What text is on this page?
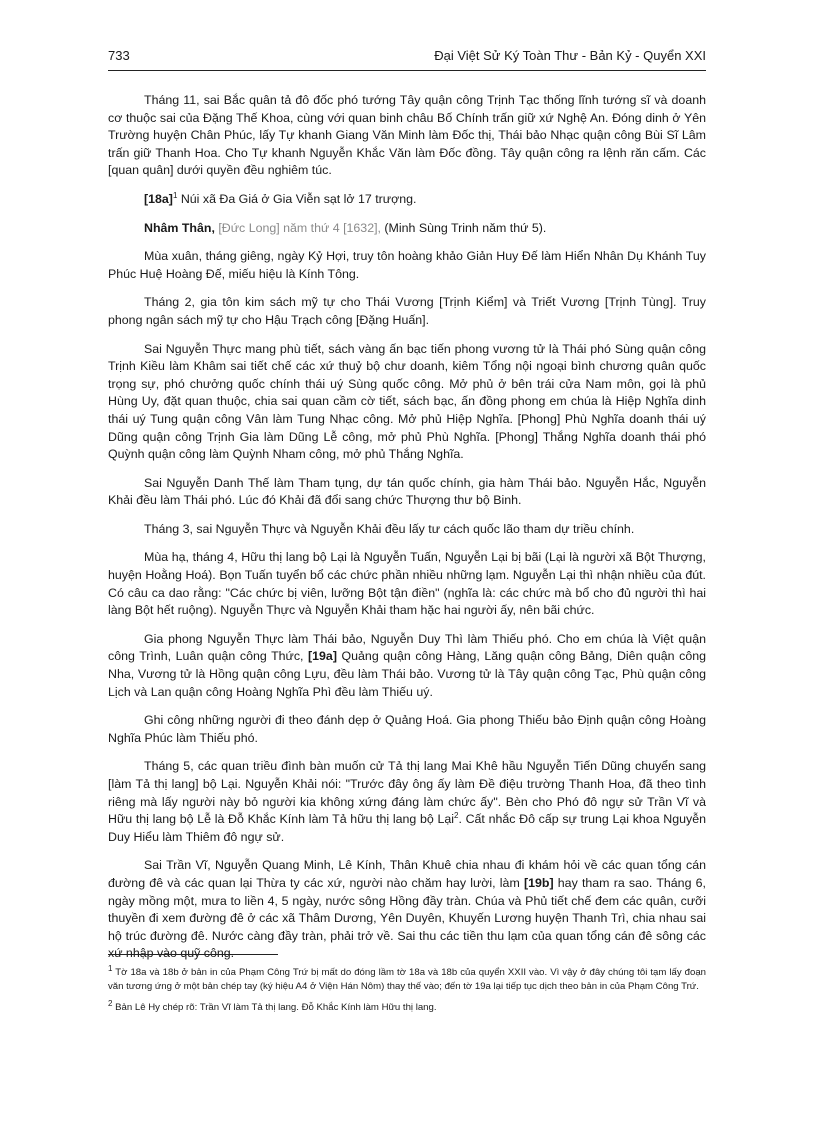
733	Đại Việt Sử Ký Toàn Thư - Bản Kỷ - Quyển XXI

Tháng 11, sai Bắc quân tả đô đốc phó tướng Tây quận công Trịnh Tạc thống lĩnh tướng sĩ và doanh cơ thuộc sai của Đặng Thế Khoa, cùng với quan binh châu Bố Chính trấn giữ xứ Nghệ An. Đóng dinh ở Yên Trường huyện Chân Phúc, lấy Tự khanh Giang Văn Minh làm Đốc thị, Thái bảo Nhạc quận công Bùi Sĩ Lâm trấn giữ Thanh Hoa. Cho Tự khanh Nguyễn Khắc Văn làm Đốc đồng. Tây quận công ra lệnh răn cấm. Các [quan quân] dưới quyền đều nghiêm túc.

$[18a]^1$ Núi xã Đa Giá ở Gia Viễn sạt lở 17 trượng.

Nhâm Thân, [Đức Long] năm thứ 4 [1632], (Minh Sùng Trinh năm thứ 5).

Mùa xuân, tháng giêng, ngày Kỷ Hợi, truy tôn hoàng khảo Giản Huy Đế làm Hiển Nhân Dụ Khánh Tuy Phúc Huệ Hoàng Đế, miếu hiệu là Kính Tông.

Tháng 2, gia tôn kim sách mỹ tự cho Thái Vương [Trịnh Kiểm] và Triết Vương [Trịnh Tùng]. Truy phong ngân sách mỹ tự cho Hậu Trạch công [Đặng Huấn].

Sai Nguyễn Thực mang phù tiết, sách vàng ấn bạc tiến phong vương tử là Thái phó Sùng quận công Trịnh Kiều làm Khâm sai tiết chế các xứ thuỷ bộ chư doanh, kiêm Tổng nội ngoại bình chương quân quốc trọng sự, phó chưởng quốc chính thái uý Sùng quốc công. Mở phủ ở bên trái cửa Nam môn, gọi là phủ Hùng Uy, đặt quan thuộc, chia sai quan cầm cờ tiết, sách bạc, ấn đồng phong em chúa là Hiệp Nghĩa dinh thái uý Tung quận công Vân làm Tung Nhạc công. Mở phủ Hiệp Nghĩa. [Phong] Phù Nghĩa doanh thái uý Dũng quận công Trịnh Gia làm Dũng Lễ công, mở phủ Phù Nghĩa. [Phong] Thắng Nghĩa doanh thái phó Quỳnh quận công làm Quỳnh Nham công, mở phủ Thắng Nghĩa.

Sai Nguyễn Danh Thế làm Tham tụng, dự tán quốc chính, gia hàm Thái bảo. Nguyễn Hắc, Nguyễn Khải đều làm Thái phó. Lúc đó Khải đã đổi sang chức Thượng thư bộ Binh.

Tháng 3, sai Nguyễn Thực và Nguyễn Khải đều lấy tư cách quốc lão tham dự triều chính.

Mùa hạ, tháng 4, Hữu thị lang bộ Lại là Nguyễn Tuấn, Nguyễn Lại bị bãi (Lại là người xã Bột Thượng, huyện Hoằng Hoá). Bọn Tuấn tuyển bổ các chức phần nhiều những lạm. Nguyễn Lại thì nhận nhiều của đút. Có câu ca dao rằng: "Các chức bị viên, lưỡng Bột tận điền" (nghĩa là: các chức mà bổ cho đủ người thì hai làng Bột hết ruộng). Nguyễn Thực và Nguyễn Khải tham hặc hai người ấy, nên bãi chức.

Gia phong Nguyễn Thực làm Thái bảo, Nguyễn Duy Thì làm Thiếu phó. Cho em chúa là Việt quận công Trình, Luân quận công Thức, [19a] Quảng quận công Hàng, Lăng quận công Bảng, Diên quận công Nha, Vương tử là Hồng quận công Lựu, đều làm Thái bảo. Vương tử là Tây quận công Tạc, Phù quận công Lịch và Lan quận công Hoàng Nghĩa Phì đều làm Thiếu uý.

Ghi công những người đi theo đánh dẹp ở Quảng Hoá. Gia phong Thiếu bảo Định quận công Hoàng Nghĩa Phúc làm Thiếu phó.

Tháng 5, các quan triều đình bàn muốn cử Tả thị lang Mai Khê hầu Nguyễn Tiến Dũng chuyển sang [làm Tả thị lang] bộ Lại. Nguyễn Khải nói: "Trước đây ông ấy làm Đề điệu trường Thanh Hoa, đã theo tình riêng mà lấy người này bỏ người kia không xứng đáng làm chức ấy". Bèn cho Phó đô ngự sử Trần Vĩ và Hữu thị lang bộ Lễ là Đỗ Khắc Kính làm Tả hữu thị lang bộ Lại$^2$. Cất nhắc Đô cấp sự trung Lại khoa Nguyễn Duy Hiểu làm Thiêm đô ngự sử.

Sai Trần Vĩ, Nguyễn Quang Minh, Lê Kính, Thân Khuê chia nhau đi khám hỏi về các quan tổng cán đường đê và các quan lại Thừa ty các xứ, người nào chăm hay lười, làm [19b] hay tham ra sao. Tháng 6, ngày mồng một, mưa to liền 4, 5 ngày, nước sông Hồng đầy tràn. Chúa và Phủ tiết chế đem các quân, cưỡi thuyền đi xem đường đê ở các xã Thâm Dương, Yên Duyên, Khuyến Lương huyện Thanh Trì, chia nhau sai hộ trúc đường đê. Nước càng đầy tràn, phải trở về. Sai thu các tiền thu lạm của quan tổng cán đê sông các xứ nhập vào quỹ công.

$^1$ Tờ 18a và 18b ở bản in của Phạm Công Trứ bị mất do đóng lầm tờ 18a và 18b của quyển XXII vào. Vì vậy ở đây chúng tôi tạm lấy đoạn văn tương ứng ở một bản chép tay (ký hiệu A4 ở Viện Hán Nôm) thay thế vào; đến tờ 19a lại tiếp tục dịch theo bản in của Phạm Công Trứ.

$^2$ Bản Lê Hy chép rõ: Trần Vĩ làm Tả thị lang. Đỗ Khắc Kính làm Hữu thị lang.
